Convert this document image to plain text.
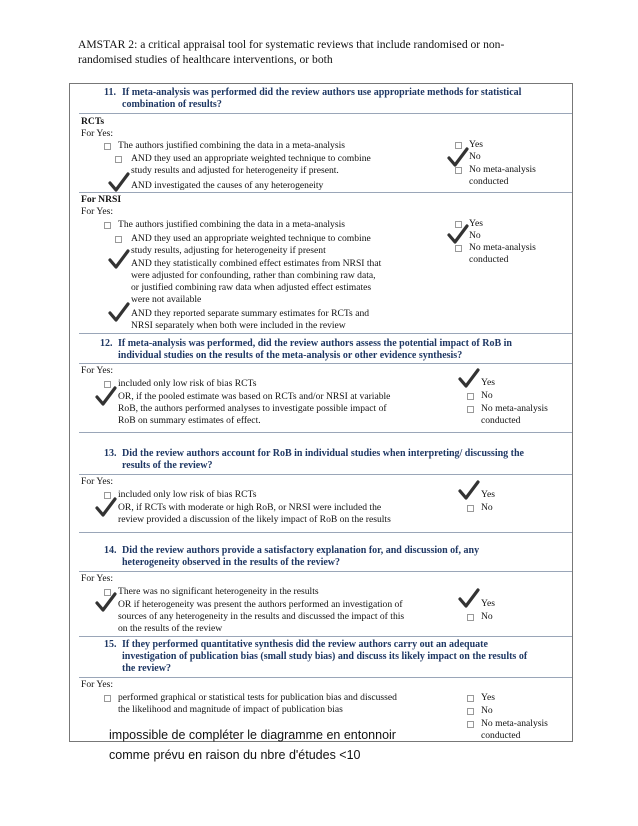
AMSTAR 2: a critical appraisal tool for systematic reviews that include randomised or non-
randomised studies of healthcare interventions, or both
11. If meta-analysis was performed did the review authors use appropriate methods for statistical
combination of results?
RCTs
For Yes:
The authors justified combining the data in a meta-analysis
AND they used an appropriate weighted technique to combine
study results and adjusted for heterogeneity if present.
AND investigated the causes of any heterogeneity
Yes
No
No meta-analysis
conducted
For NRSI
For Yes:
The authors justified combining the data in a meta-analysis
AND they used an appropriate weighted technique to combine
study results, adjusting for heterogeneity if present
AND they statistically combined effect estimates from NRSI that
were adjusted for confounding, rather than combining raw data,
or justified combining raw data when adjusted effect estimates
were not available
AND they reported separate summary estimates for RCTs and
NRSI separately when both were included in the review
Yes
No
No meta-analysis
conducted
12. If meta-analysis was performed, did the review authors assess the potential impact of RoB in
individual studies on the results of the meta-analysis or other evidence synthesis?
For Yes:
included only low risk of bias RCTs
OR, if the pooled estimate was based on RCTs and/or NRSI at variable
RoB, the authors performed analyses to investigate possible impact of
RoB on summary estimates of effect.
Yes
No
No meta-analysis
conducted
13. Did the review authors account for RoB in individual studies when interpreting/ discussing the
results of the review?
For Yes:
included only low risk of bias RCTs
OR, if RCTs with moderate or high RoB, or NRSI were included the
review provided a discussion of the likely impact of RoB on the results
Yes
No
14. Did the review authors provide a satisfactory explanation for, and discussion of, any
heterogeneity observed in the results of the review?
For Yes:
There was no significant heterogeneity in the results
OR if heterogeneity was present the authors performed an investigation of
sources of any heterogeneity in the results and discussed the impact of this
on the results of the review
Yes
No
15. If they performed quantitative synthesis did the review authors carry out an adequate
investigation of publication bias (small study bias) and discuss its likely impact on the results of
the review?
For Yes:
performed graphical or statistical tests for publication bias and discussed
the likelihood and magnitude of impact of publication bias
Yes
No
No meta-analysis
conducted
impossible de compléter le diagramme en entonnoir
comme prévu en raison du nbre d'études <10
